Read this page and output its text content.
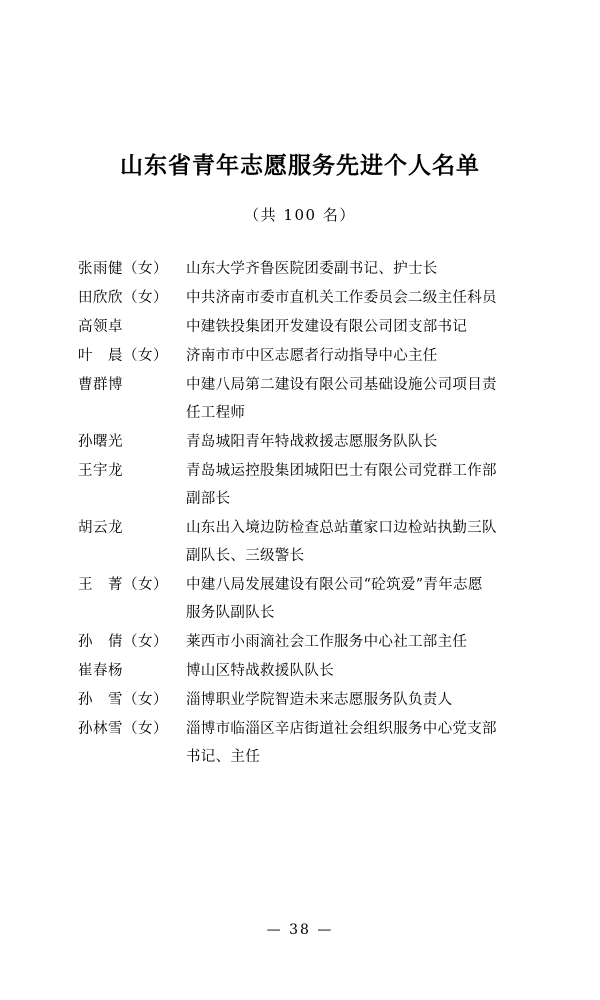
山东省青年志愿服务先进个人名单
（共 100 名）
张雨健（女）	山东大学齐鲁医院团委副书记、护士长
田欣欣（女）	中共济南市委市直机关工作委员会二级主任科员
高领卓	中建铁投集团开发建设有限公司团支部书记
叶　晨（女）	济南市市中区志愿者行动指导中心主任
曹群博	中建八局第二建设有限公司基础设施公司项目责
任工程师
孙曙光	青岛城阳青年特战救援志愿服务队队长
王宇龙	青岛城运控股集团城阳巴士有限公司党群工作部
副部长
胡云龙	山东出入境边防检查总站董家口边检站执勤三队
副队长、三级警长
王　菁（女）	中建八局发展建设有限公司“砼筑爱”青年志愿
服务队副队长
孙　倩（女）	莱西市小雨滴社会工作服务中心社工部主任
崔春杨	博山区特战救援队队长
孙　雪（女）	淄博职业学院智造未来志愿服务队负责人
孙林雪（女）	淄博市临淄区辛店街道社会组织服务中心党支部
书记、主任
— 38 —
